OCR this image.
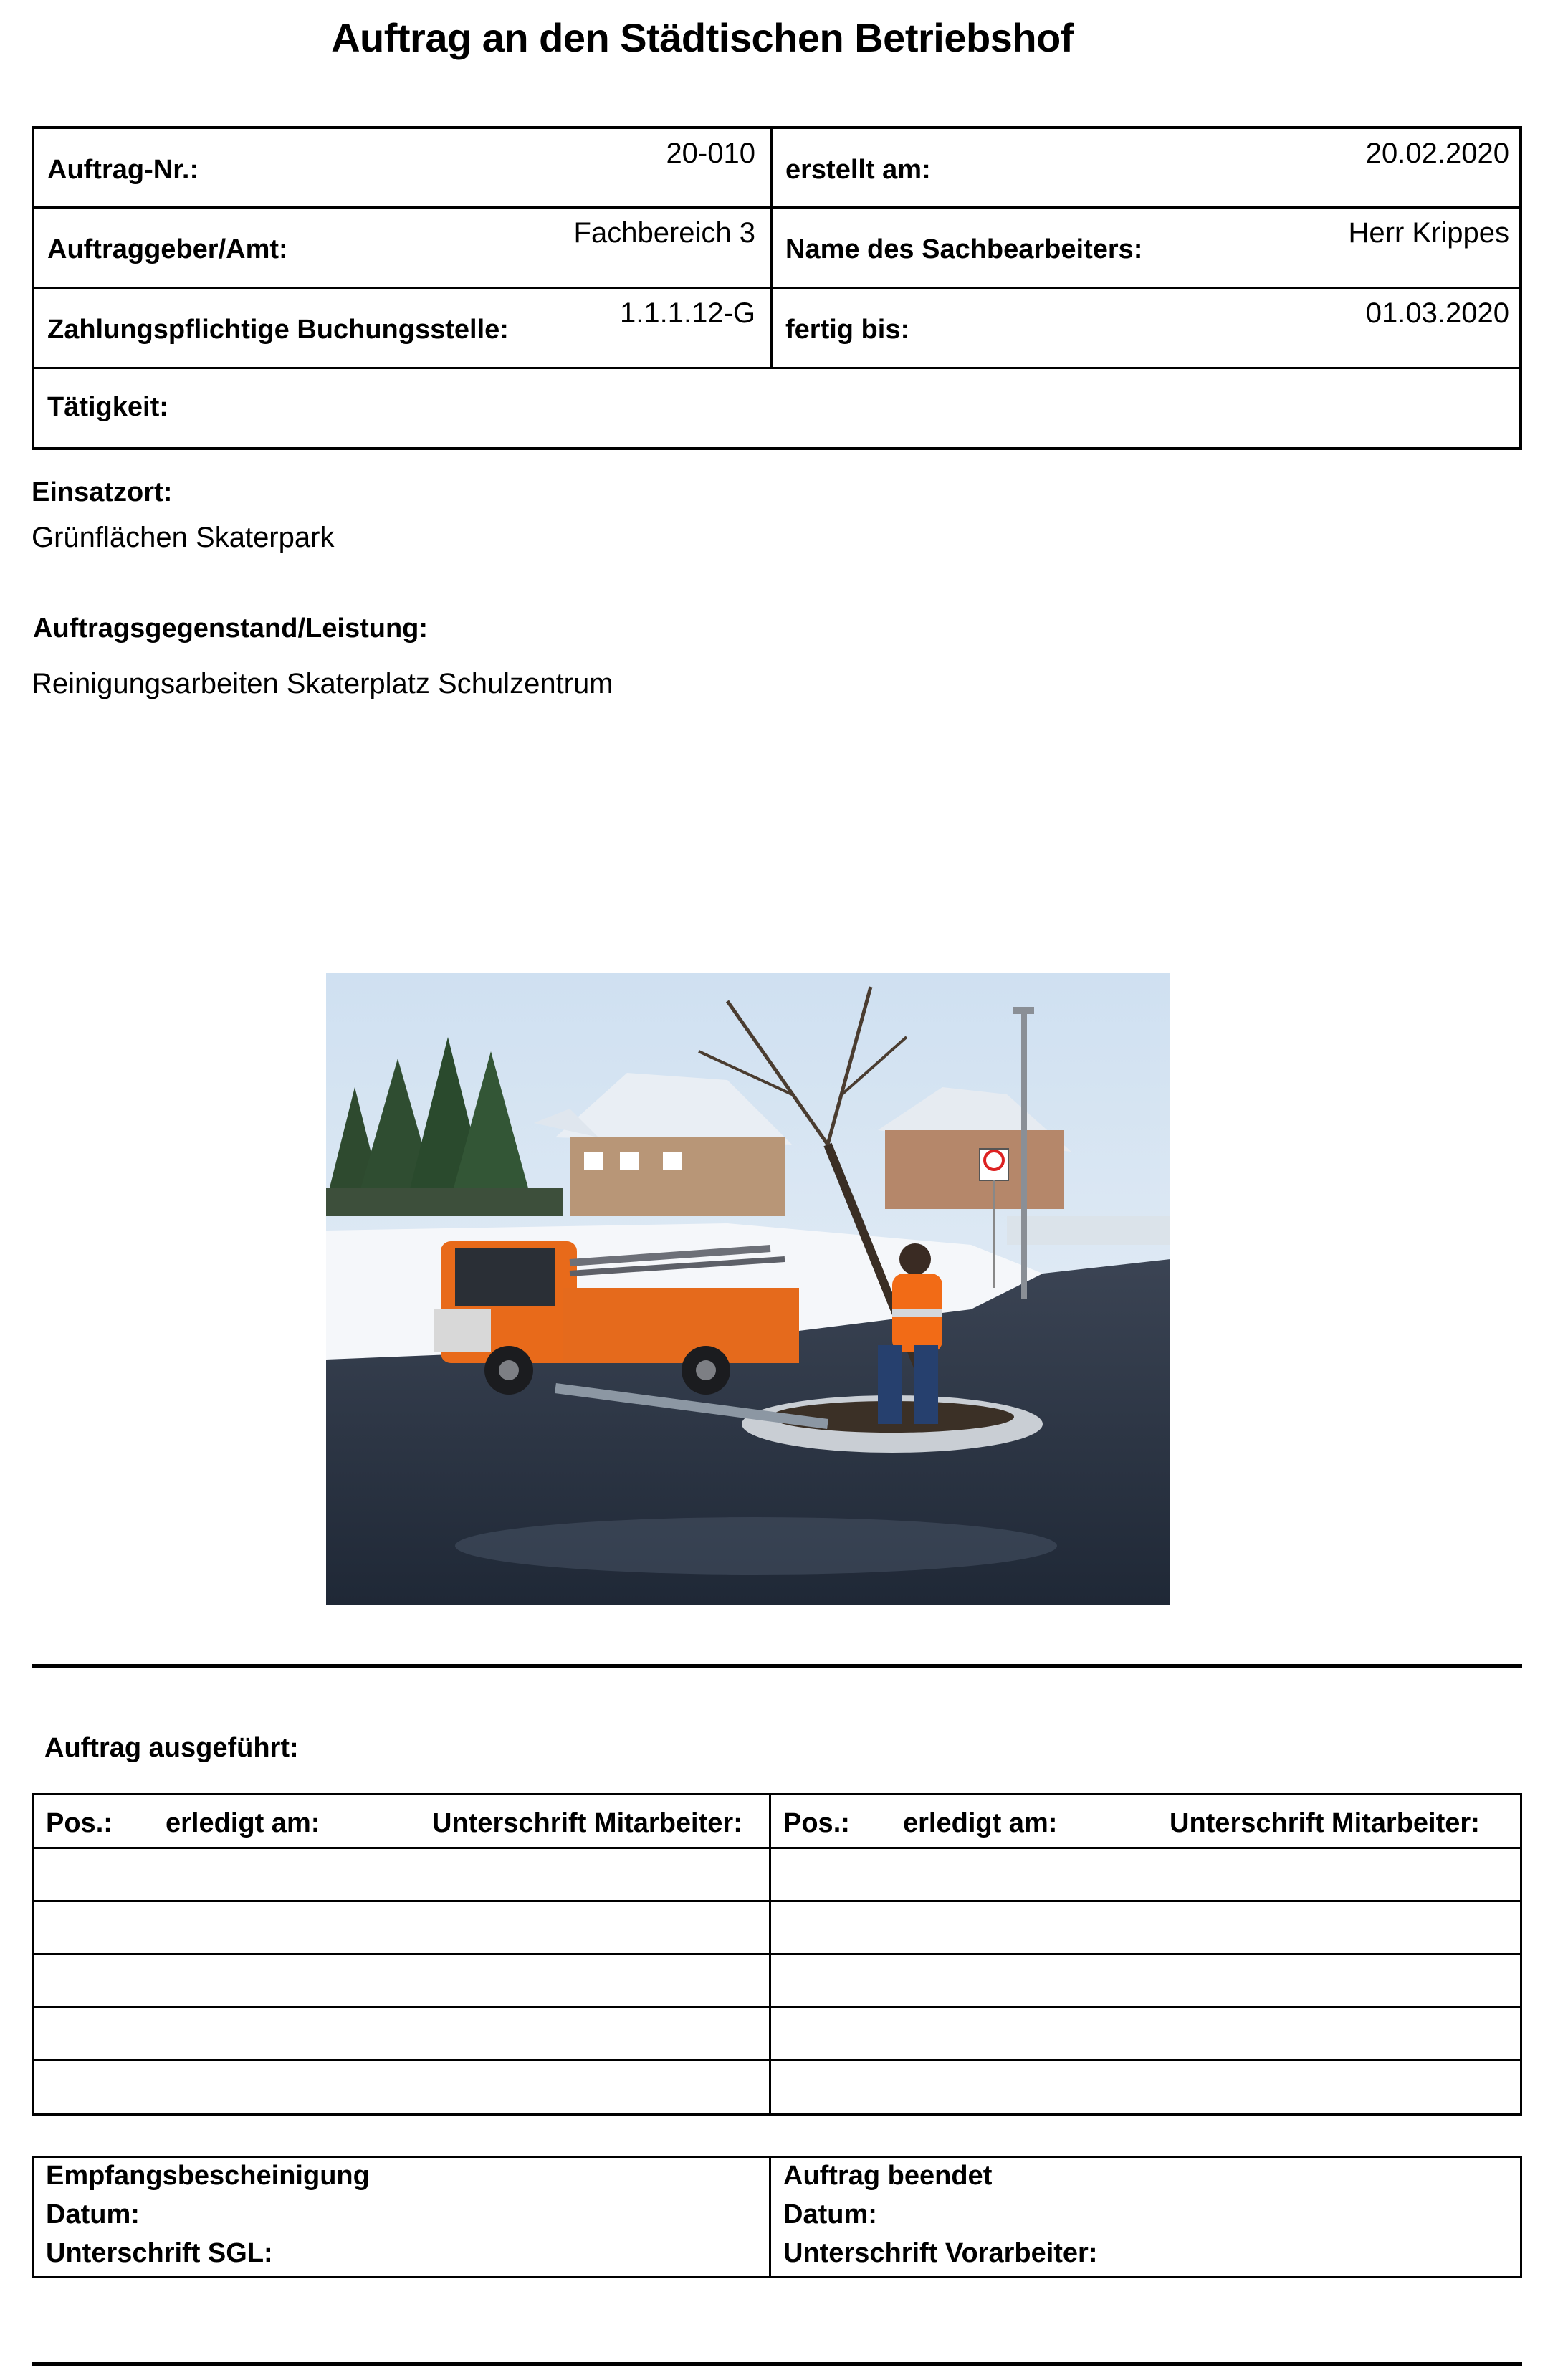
Auftrag an den Städtischen Betriebshof
Auftrag-Nr.:
20-010
erstellt am:
20.02.2020
Auftraggeber/Amt:
Fachbereich 3
Name des Sachbearbeiters:
Herr Krippes
Zahlungspflichtige Buchungsstelle:
1.1.1.12-G
fertig bis:
01.03.2020
Tätigkeit:
Einsatzort:
Grünflächen Skaterpark
Auftragsgegenstand/Leistung:
Reinigungsarbeiten Skaterplatz Schulzentrum
Auftrag ausgeführt:
Pos.: erledigt am:	Unterschrift Mitarbeiter: Pos.: erledigt am:	Unterschrift Mitarbeiter:
Empfangsbescheinigung
Datum:
Unterschrift SGL:
Auftrag beendet
Datum:
Unterschrift Vorarbeiter:
